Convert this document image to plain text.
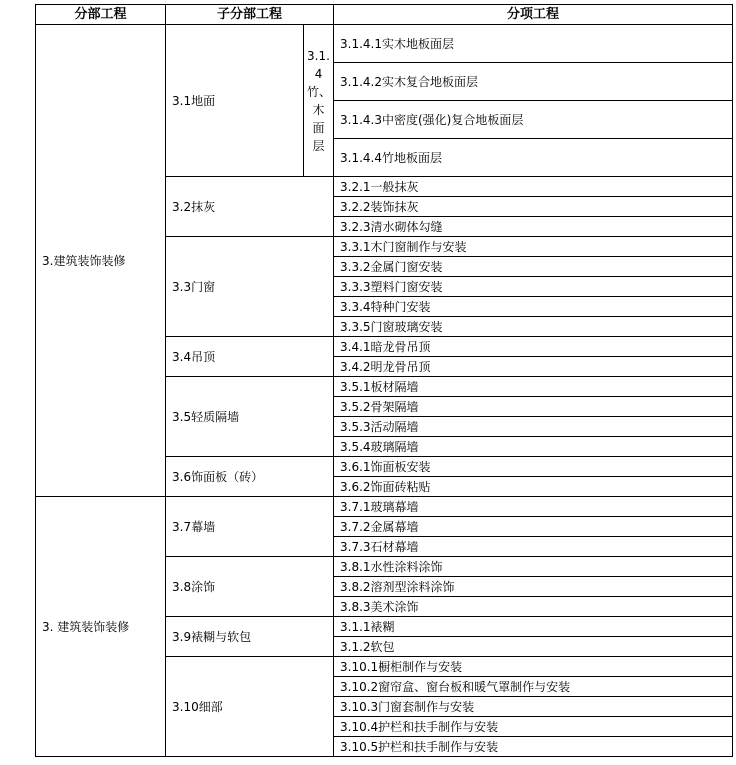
分部工程	子分部工程		分项工程
3.建筑装饰装修	3.1地面	3.1.4竹、木面层	3.1.4.1实木地板面层
			3.1.4.2实木复合地板面层
			3.1.4.3中密度(强化)复合地板面层
			3.1.4.4竹地板面层
	3.2抹灰		3.2.1一般抹灰
			3.2.2装饰抹灰
			3.2.3清水砌体勾缝
	3.3门窗		3.3.1木门窗制作与安装
			3.3.2金属门窗安装
			3.3.3塑料门窗安装
			3.3.4特种门安装
			3.3.5门窗玻璃安装
	3.4吊顶		3.4.1暗龙骨吊顶
			3.4.2明龙骨吊顶
	3.5轻质隔墙		3.5.1板材隔墙
			3.5.2骨架隔墙
			3.5.3活动隔墙
			3.5.4玻璃隔墙
	3.6饰面板（砖）		3.6.1饰面板安装
			3.6.2饰面砖粘贴
3. 建筑装饰装修	3.7幕墙		3.7.1玻璃幕墙
			3.7.2金属幕墙
			3.7.3石材幕墙
	3.8涂饰		3.8.1水性涂料涂饰
			3.8.2溶剂型涂料涂饰
			3.8.3美术涂饰
	3.9裱糊与软包		3.1.1裱糊
			3.1.2软包
	3.10细部		3.10.1橱柜制作与安装
			3.10.2窗帘盒、窗台板和暖气罩制作与安装
			3.10.3门窗套制作与安装
			3.10.4护栏和扶手制作与安装
			3.10.5护栏和扶手制作与安装
